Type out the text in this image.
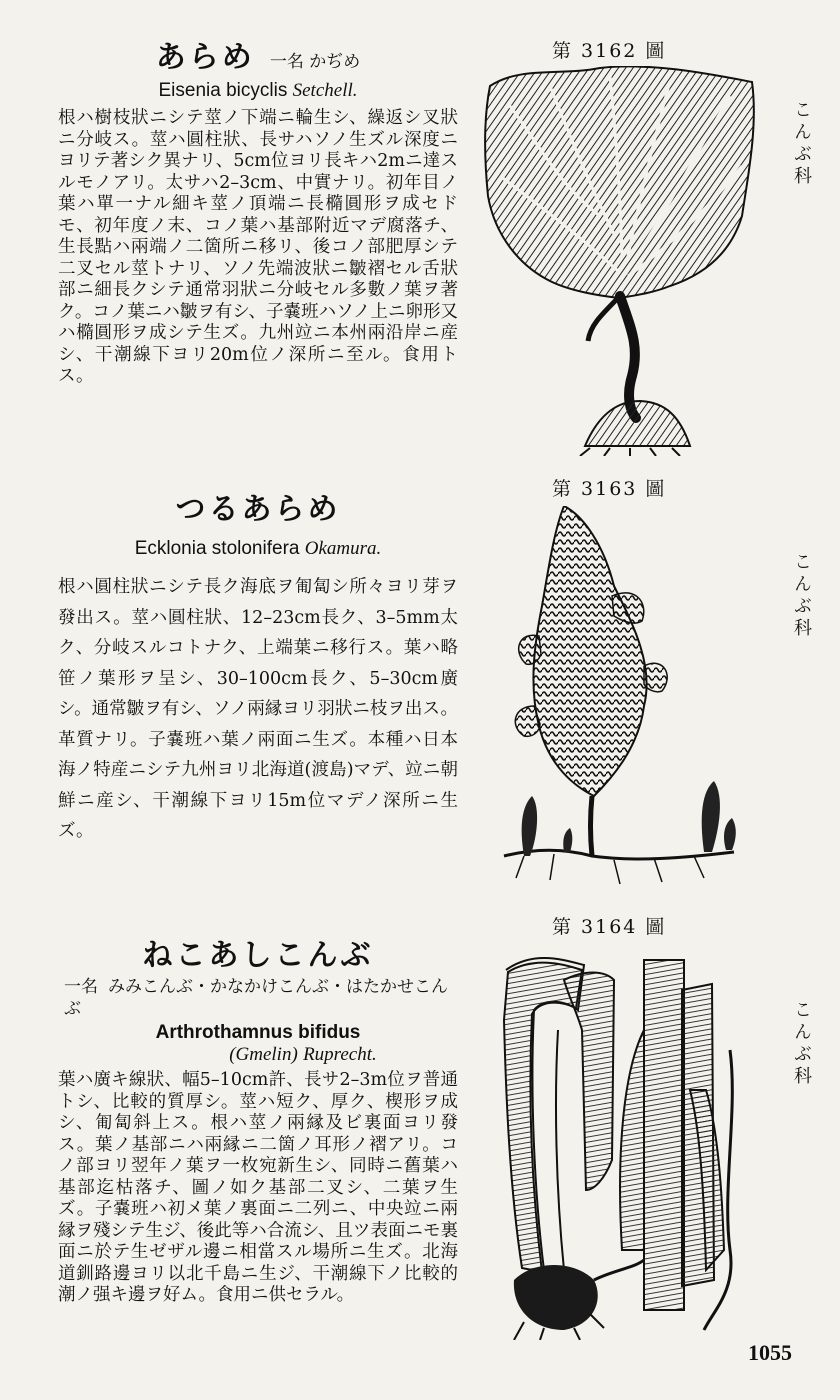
あらめ 一名 かぢめ
Eisenia bicyclis Setchell.
根ハ樹枝狀ニシテ莖ノ下端ニ輪生シ、繰返シ叉狀ニ分岐ス。莖ハ圓柱狀、長サハソノ生ズル深度ニヨリテ著シク異ナリ、5cm位ヨリ長キハ2mニ達スルモノアリ。太サハ2–3cm、中實ナリ。初年目ノ葉ハ單一ナル細キ莖ノ頂端ニ長橢圓形ヲ成セドモ、初年度ノ末、コノ葉ハ基部附近マデ腐落チ、生長點ハ兩端ノ二箇所ニ移リ、後コノ部肥厚シテ二叉セル莖トナリ、ソノ先端波狀ニ皺褶セル舌狀部ニ細長クシテ通常羽狀ニ分岐セル多數ノ葉ヲ著ク。コノ葉ニハ皺ヲ有シ、子嚢班ハソノ上ニ卵形又ハ橢圓形ヲ成シテ生ズ。九州竝ニ本州兩沿岸ニ産シ、干潮線下ヨリ20m位ノ深所ニ至ル。食用トス。
第 3162 圖
こんぶ科
つるあらめ
Ecklonia stolonifera Okamura.
根ハ圓柱狀ニシテ長ク海底ヲ匍匐シ所々ヨリ芽ヲ發出ス。莖ハ圓柱狀、12–23cm長ク、3–5mm太ク、分岐スルコトナク、上端葉ニ移行ス。葉ハ略笹ノ葉形ヲ呈シ、30–100cm長ク、5–30cm廣シ。通常皺ヲ有シ、ソノ兩縁ヨリ羽狀ニ枝ヲ出ス。革質ナリ。子嚢班ハ葉ノ兩面ニ生ズ。本種ハ日本海ノ特産ニシテ九州ヨリ北海道(渡島)マデ、竝ニ朝鮮ニ産シ、干潮線下ヨリ15m位マデノ深所ニ生ズ。
第 3163 圖
こんぶ科
ねこあしこんぶ
一名 みみこんぶ・かなかけこんぶ・はたかせこんぶ
Arthrothamnus bifidus
(Gmelin) Ruprecht.
葉ハ廣キ線狀、幅5–10cm許、長サ2–3m位ヲ普通トシ、比較的質厚シ。莖ハ短ク、厚ク、楔形ヲ成シ、匍匐斜上ス。根ハ莖ノ兩縁及ビ裏面ヨリ發ス。葉ノ基部ニハ兩縁ニ二箇ノ耳形ノ褶アリ。コノ部ヨリ翌年ノ葉ヲ一枚宛新生シ、同時ニ舊葉ハ基部迄枯落チ、圖ノ如ク基部二叉シ、二葉ヲ生ズ。子嚢班ハ初メ葉ノ裏面ニ二列ニ、中央竝ニ兩縁ヲ殘シテ生ジ、後此等ハ合流シ、且ツ表面ニモ裏面ニ於テ生ゼザル邊ニ相當スル場所ニ生ズ。北海道釧路邊ヨリ以北千島ニ生ジ、干潮線下ノ比較的潮ノ强キ邊ヲ好ム。食用ニ供セラル。
第 3164 圖
こんぶ科
1055
